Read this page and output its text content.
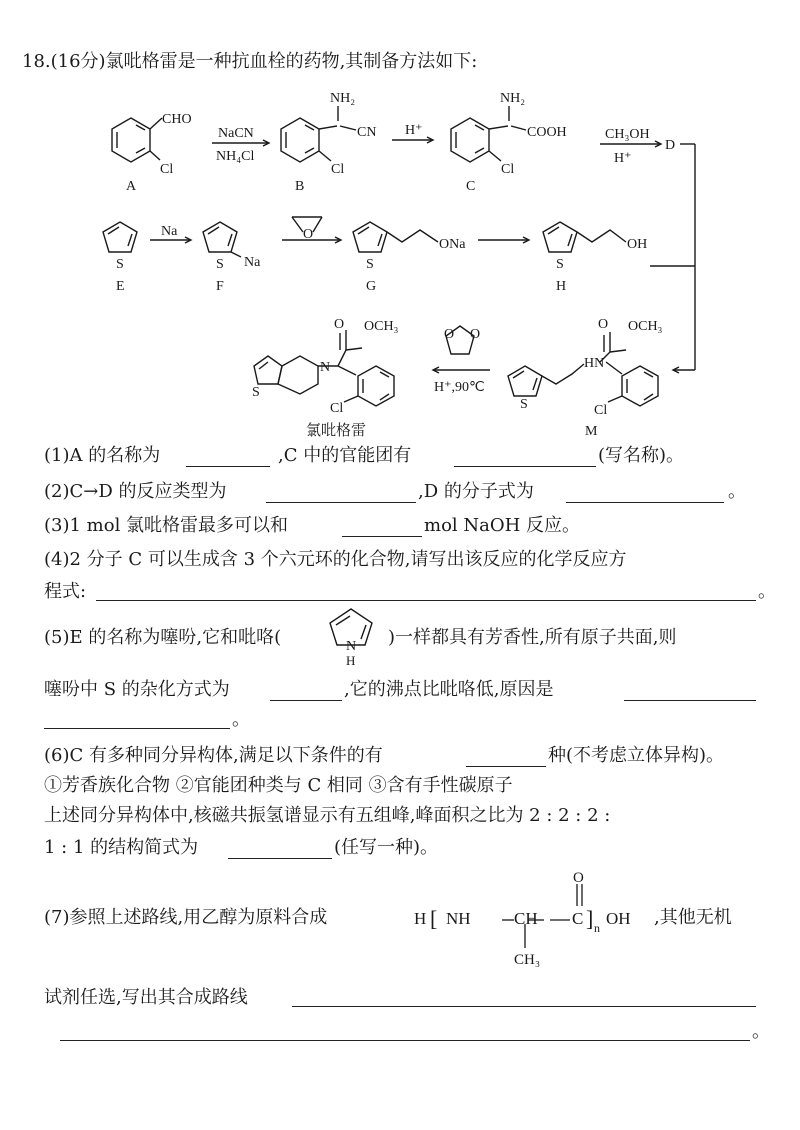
18.(16分)氯吡格雷是一种抗血栓的药物,其制备方法如下:
CHO
Cl
A
NaCN
NH₄Cl
NH₂
CN
Cl
B
H⁺
NH₂
COOH
Cl
C
CH₃OH
H⁺
D
S
E
Na
S Na
F
O
S
ONa
G
S
OH
H
O OCH₃
N
S
Cl
O O
H⁺,90℃
S
HN
O OCH₃
Cl
M
氯吡格雷
(1)A 的名称为	,C 中的官能团有	(写名称)。
(2)C→D 的反应类型为	,D 的分子式为	。
(3)1 mol 氯吡格雷最多可以和	mol NaOH 反应。
(4)2 分子 C 可以生成含 3 个六元环的化合物,请写出该反应的化学反应方
程式:	。
(5)E 的名称为噻吩,它和吡咯(	N
H
)一样都具有芳香性,所有原子共面,则
噻吩中 S 的杂化方式为	,它的沸点比吡咯低,原因是
。
(6)C 有多种同分异构体,满足以下条件的有	种(不考虑立体异构)。
①芳香族化合物 ②官能团种类与 C 相同 ③含有手性碳原子
上述同分异构体中,核磁共振氢谱显示有五组峰,峰面积之比为 2 : 2 : 2 :
1 : 1 的结构简式为	(任写一种)。
(7)参照上述路线,用乙醇为原料合成
O
H [ NH	CH C ] n OH
CH₃
,其他无机
试剂任选,写出其合成路线
。
